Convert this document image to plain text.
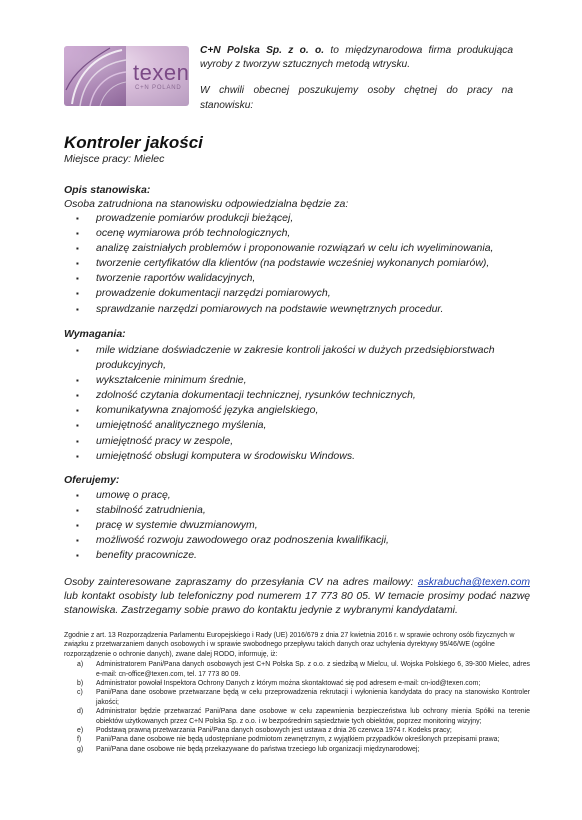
texen
C+N POLAND

C+N Polska Sp. z o. o. to międzynarodowa firma produkująca wyroby z tworzyw sztucznych metodą wtrysku.

W chwili obecnej poszukujemy osoby chętnej do pracy na stanowisku:

Kontroler jakości
Miejsce pracy: Mielec
Opis stanowiska:
Osoba zatrudniona na stanowisku odpowiedzialna będzie za:
▪ prowadzenie pomiarów produkcji bieżącej,
▪ ocenę wymiarowa prób technologicznych,
▪ analizę zaistniałych problemów i proponowanie rozwiązań w celu ich wyeliminowania,
▪ tworzenie certyfikatów dla klientów (na podstawie wcześniej wykonanych pomiarów),
▪ tworzenie raportów walidacyjnych,
▪ prowadzenie dokumentacji narzędzi pomiarowych,
▪ sprawdzanie narzędzi pomiarowych na podstawie wewnętrznych procedur.
Wymagania:
▪ mile widziane doświadczenie w zakresie kontroli jakości w dużych przedsiębiorstwach produkcyjnych,
▪ wykształcenie minimum średnie,
▪ zdolność czytania dokumentacji technicznej, rysunków technicznych,
▪ komunikatywna znajomość języka angielskiego,
▪ umiejętność analitycznego myślenia,
▪ umiejętność pracy w zespole,
▪ umiejętność obsługi komputera w środowisku Windows.
Oferujemy:
▪ umowę o pracę,
▪ stabilność zatrudnienia,
▪ pracę w systemie dwuzmianowym,
▪ możliwość rozwoju zawodowego oraz podnoszenia kwalifikacji,
▪ benefity pracownicze.
Osoby zainteresowane zapraszamy do przesyłania CV na adres mailowy: askrabucha@texen.com lub kontakt osobisty lub telefoniczny pod numerem 17 773 80 05. W temacie prosimy podać nazwę stanowiska. Zastrzegamy sobie prawo do kontaktu jedynie z wybranymi kandydatami.
Zgodnie z art. 13 Rozporządzenia Parlamentu Europejskiego i Rady (UE) 2016/679 z dnia 27 kwietnia 2016 r. w sprawie ochrony osób fizycznych w związku z przetwarzaniem danych osobowych i w sprawie swobodnego przepływu takich danych oraz uchylenia dyrektywy 95/46/WE (ogólne rozporządzenie o ochronie danych), zwane dalej RODO, informuję, iż:
a) Administratorem Pani/Pana danych osobowych jest C+N Polska Sp. z o.o. z siedzibą w Mielcu, ul. Wojska Polskiego 6, 39-300 Mielec, adres e-mail: cn-office@texen.com, tel. 17 773 80 09.
b) Administrator powołał Inspektora Ochrony Danych z którym można skontaktować się pod adresem e-mail: cn-iod@texen.com;
c) Pani/Pana dane osobowe przetwarzane będą w celu przeprowadzenia rekrutacji i wyłonienia kandydata do pracy na stanowisko Kontroler jakości;
d) Administrator będzie przetwarzać Pani/Pana dane osobowe w celu zapewnienia bezpieczeństwa lub ochrony mienia Spółki na terenie obiektów użytkowanych przez C+N Polska Sp. z o.o. i w bezpośrednim sąsiedztwie tych obiektów, poprzez monitoring wizyjny;
e) Podstawą prawną przetwarzania Pani/Pana danych osobowych jest ustawa z dnia 26 czerwca 1974 r. Kodeks pracy;
f) Pani/Pana dane osobowe nie będą udostępniane podmiotom zewnętrznym, z wyjątkiem przypadków określonych przepisami prawa;
g) Pani/Pana dane osobowe nie będą przekazywane do państwa trzeciego lub organizacji międzynarodowej;
